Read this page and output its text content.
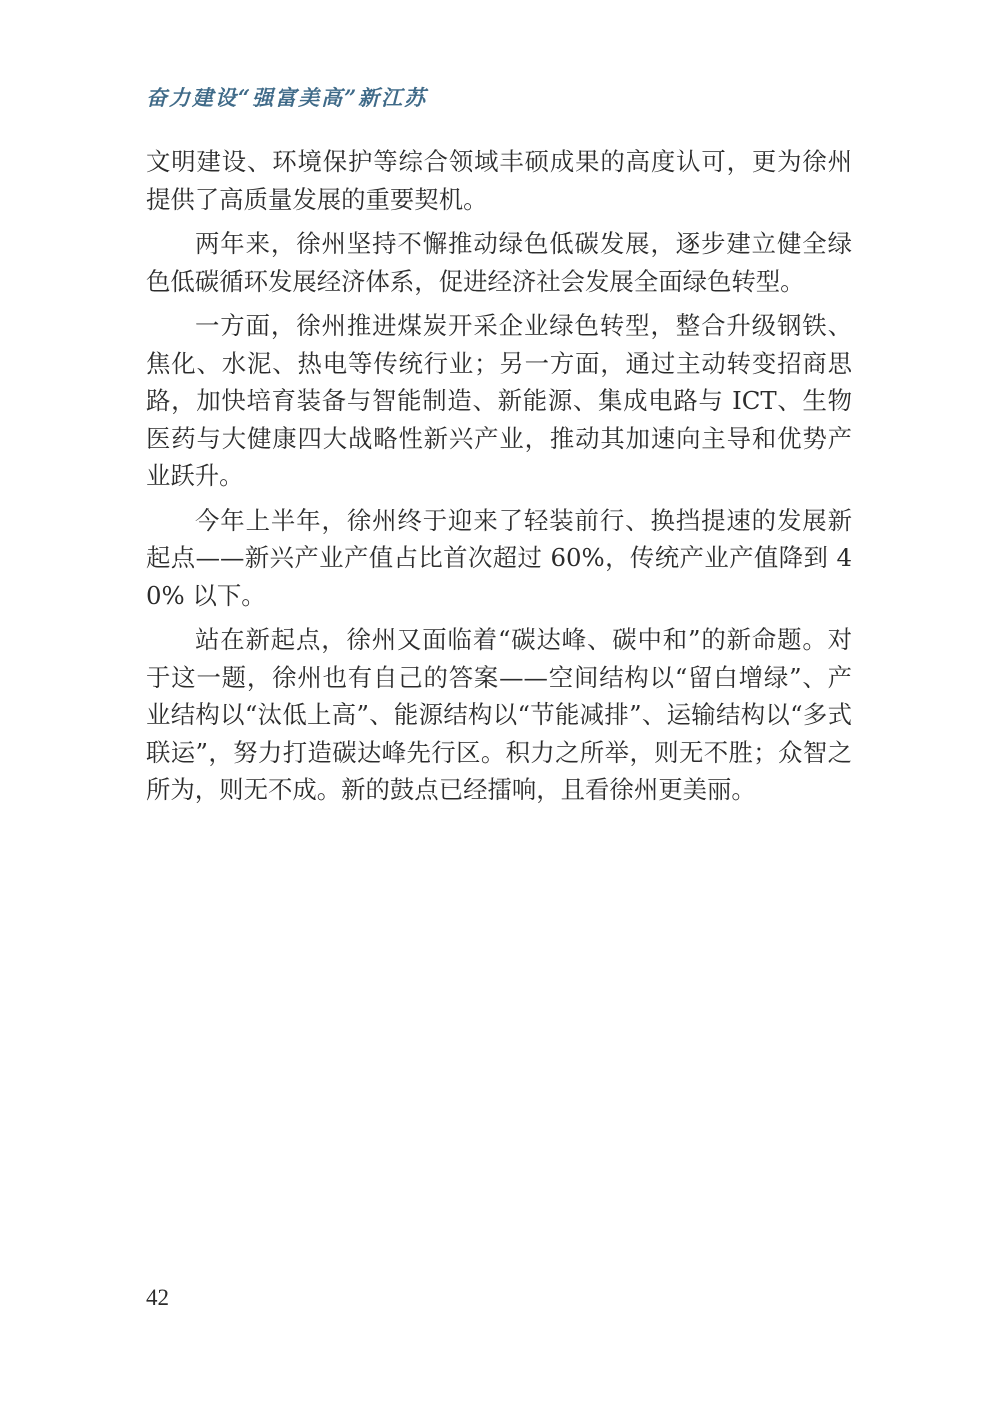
奋力建设“强富美高”新江苏

文明建设、环境保护等综合领域丰硕成果的高度认可，更为徐州提供了高质量发展的重要契机。

两年来，徐州坚持不懈推动绿色低碳发展，逐步建立健全绿色低碳循环发展经济体系，促进经济社会发展全面绿色转型。

一方面，徐州推进煤炭开采企业绿色转型，整合升级钢铁、焦化、水泥、热电等传统行业；另一方面，通过主动转变招商思路，加快培育装备与智能制造、新能源、集成电路与 ICT、生物医药与大健康四大战略性新兴产业，推动其加速向主导和优势产业跃升。

今年上半年，徐州终于迎来了轻装前行、换挡提速的发展新起点——新兴产业产值占比首次超过 60%，传统产业产值降到 40% 以下。

站在新起点，徐州又面临着“碳达峰、碳中和”的新命题。对于这一题，徐州也有自己的答案——空间结构以“留白增绿”、产业结构以“汰低上高”、能源结构以“节能减排”、运输结构以“多式联运”，努力打造碳达峰先行区。积力之所举，则无不胜；众智之所为，则无不成。新的鼓点已经擂响，且看徐州更美丽。

42
